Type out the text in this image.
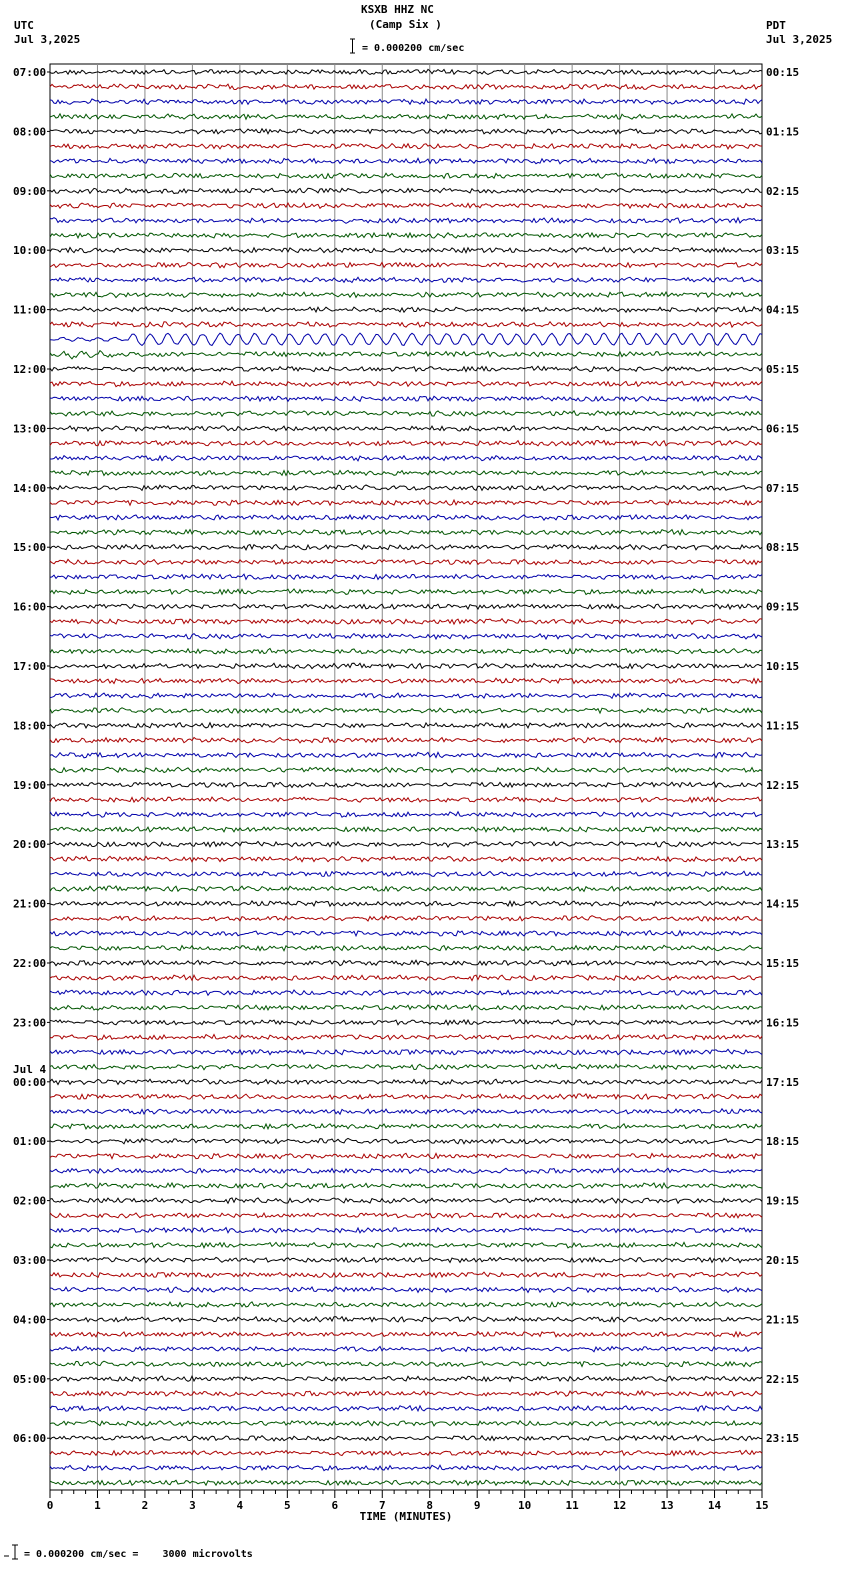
KSXB HHZ NC
(Camp Six )
UTC
Jul 3,2025
PDT
Jul 3,2025
= 0.000200 cm/sec
07:00
08:00
09:00
10:00
11:00
12:00
13:00
14:00
15:00
16:00
17:00
18:00
19:00
20:00
21:00
22:00
23:00
00:00
Jul 4
01:00
02:00
03:00
04:00
05:00
06:00
00:15
01:15
02:15
03:15
04:15
05:15
06:15
07:15
08:15
09:15
10:15
11:15
12:15
13:15
14:15
15:15
16:15
17:15
18:15
19:15
20:15
21:15
22:15
23:15
0	1	2	3	4	5	6	7	8	9	10	11	12	13	14	15
TIME (MINUTES)
= 0.000200 cm/sec =    3000 microvolts
